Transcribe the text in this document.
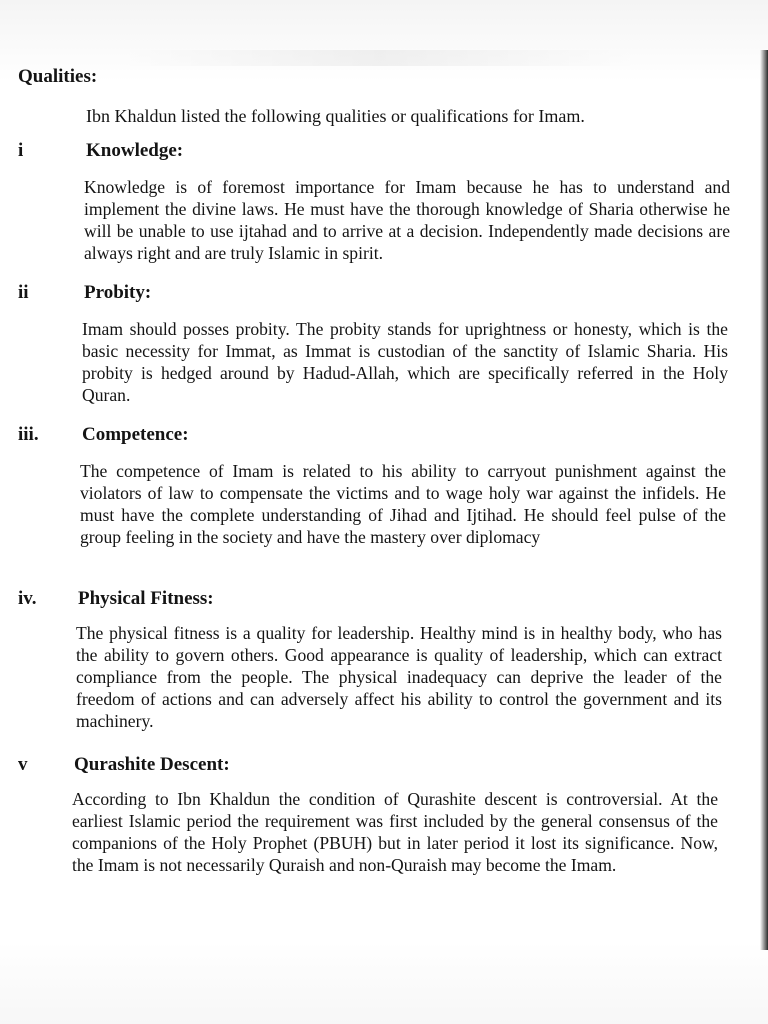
Qualities:

Ibn Khaldun listed the following qualities or qualifications for Imam.

i	Knowledge:

Knowledge is of foremost importance for Imam because he has to understand and implement the divine laws. He must have the thorough knowledge of Sharia otherwise he will be unable to use ijtahad and to arrive at a decision. Independently made decisions are always right and are truly Islamic in spirit.

ii	Probity:

Imam should posses probity. The probity stands for uprightness or honesty, which is the basic necessity for Immat, as Immat is custodian of the sanctity of Islamic Sharia. His probity is hedged around by Hadud-Allah, which are specifically referred in the Holy Quran.

iii.	Competence:

The competence of Imam is related to his ability to carryout punishment against the violators of law to compensate the victims and to wage holy war against the infidels. He must have the complete understanding of Jihad and Ijtihad. He should feel pulse of the group feeling in the society and have the mastery over diplomacy

iv.	Physical Fitness:

The physical fitness is a quality for leadership. Healthy mind is in healthy body, who has the ability to govern others. Good appearance is quality of leadership, which can extract compliance from the people. The physical inadequacy can deprive the leader of the freedom of actions and can adversely affect his ability to control the government and its machinery.

v	Qurashite Descent:

According to Ibn Khaldun the condition of Qurashite descent is controversial. At the earliest Islamic period the requirement was first included by the general consensus of the companions of the Holy Prophet (PBUH) but in later period it lost its significance. Now, the Imam is not necessarily Quraish and non-Quraish may become the Imam.
